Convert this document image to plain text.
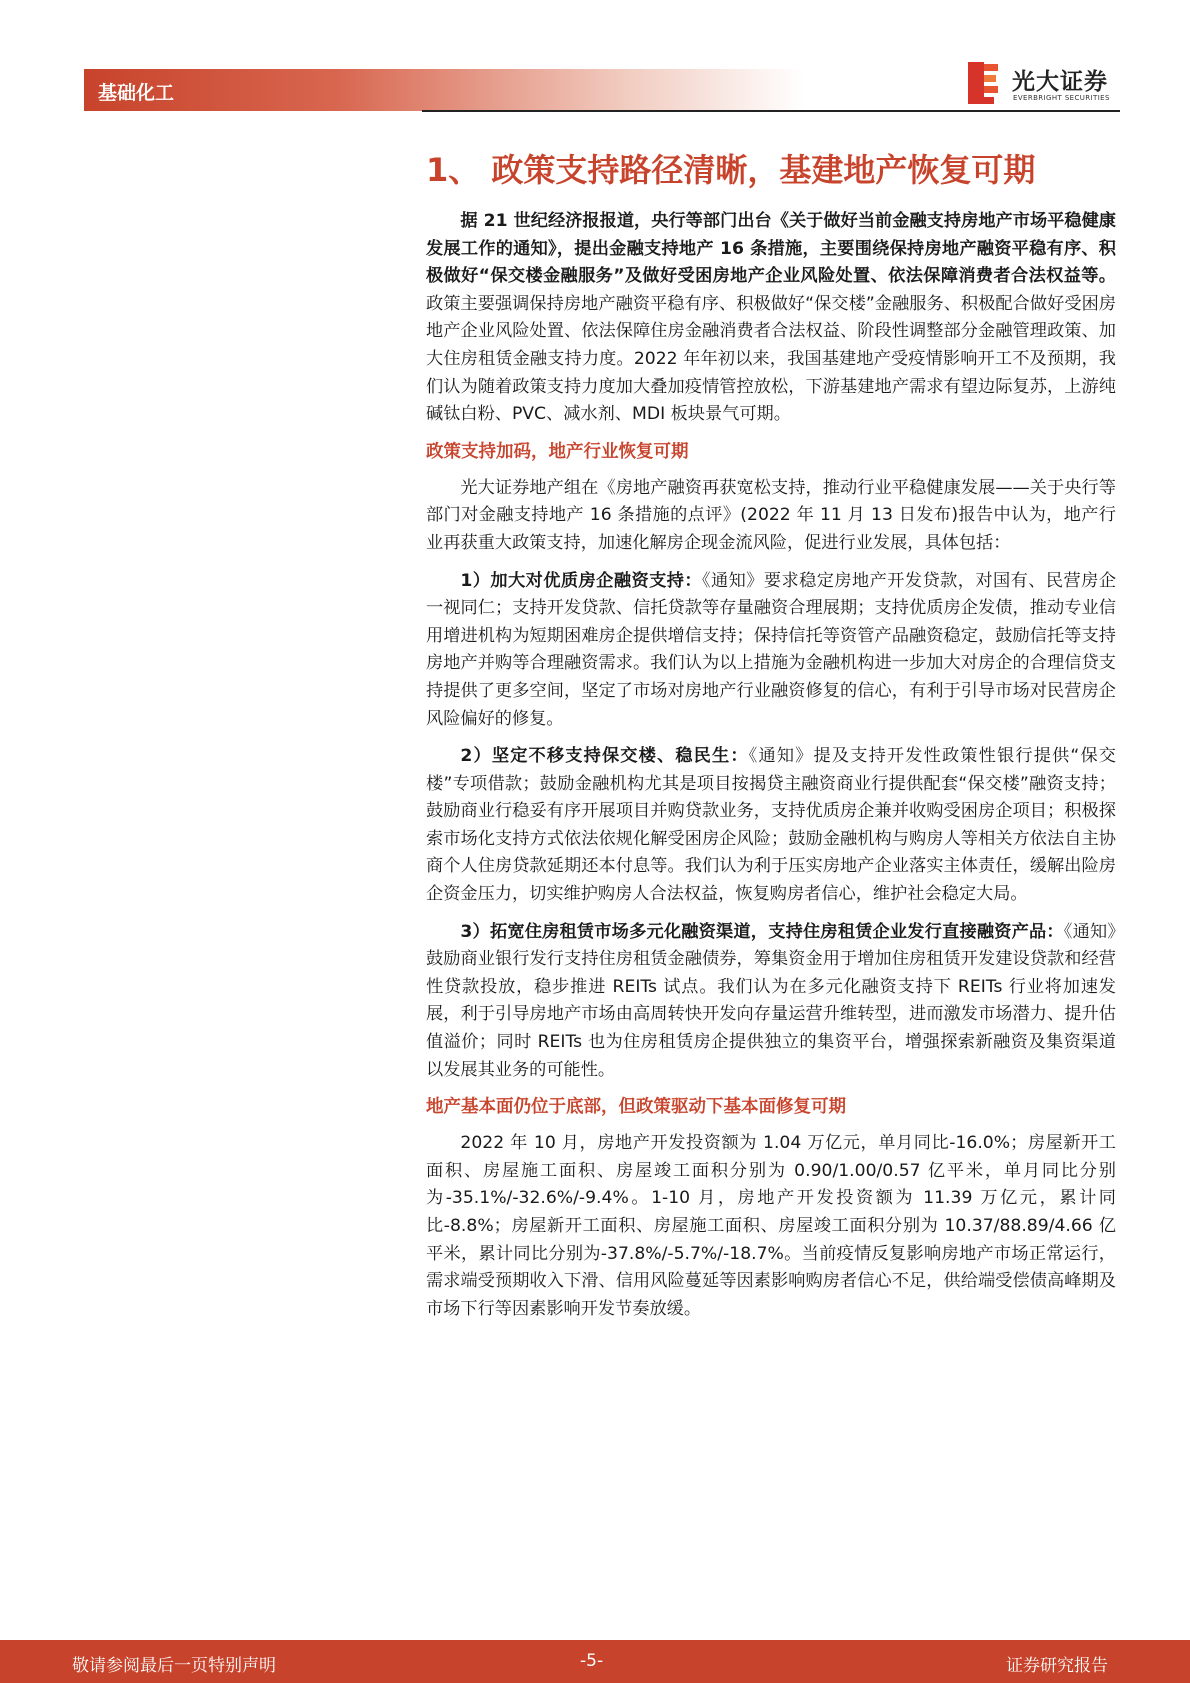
基础化工	光大证券
EVERBRIGHT SECURITIES
1、 政策支持路径清晰，基建地产恢复可期

据 21 世纪经济报报道，央行等部门出台《关于做好当前金融支持房地产市场平稳健康发展工作的通知》，提出金融支持地产 16 条措施，主要围绕保持房地产融资平稳有序、积极做好“保交楼金融服务”及做好受困房地产企业风险处置、依法保障消费者合法权益等。政策主要强调保持房地产融资平稳有序、积极做好“保交楼”金融服务、积极配合做好受困房地产企业风险处置、依法保障住房金融消费者合法权益、阶段性调整部分金融管理政策、加大住房租赁金融支持力度。2022 年年初以来，我国基建地产受疫情影响开工不及预期，我们认为随着政策支持力度加大叠加疫情管控放松，下游基建地产需求有望边际复苏，上游纯碱钛白粉、PVC、减水剂、MDI 板块景气可期。

政策支持加码，地产行业恢复可期

光大证券地产组在《房地产融资再获宽松支持，推动行业平稳健康发展——关于央行等部门对金融支持地产 16 条措施的点评》(2022 年 11 月 13 日发布)报告中认为，地产行业再获重大政策支持，加速化解房企现金流风险，促进行业发展，具体包括：

1）加大对优质房企融资支持：《通知》要求稳定房地产开发贷款，对国有、民营房企一视同仁；支持开发贷款、信托贷款等存量融资合理展期；支持优质房企发债，推动专业信用增进机构为短期困难房企提供增信支持；保持信托等资管产品融资稳定，鼓励信托等支持房地产并购等合理融资需求。我们认为以上措施为金融机构进一步加大对房企的合理信贷支持提供了更多空间，坚定了市场对房地产行业融资修复的信心，有利于引导市场对民营房企风险偏好的修复。

2）坚定不移支持保交楼、稳民生：《通知》提及支持开发性政策性银行提供“保交楼”专项借款；鼓励金融机构尤其是项目按揭贷主融资商业行提供配套“保交楼”融资支持；鼓励商业行稳妥有序开展项目并购贷款业务，支持优质房企兼并收购受困房企项目；积极探索市场化支持方式依法依规化解受困房企风险；鼓励金融机构与购房人等相关方依法自主协商个人住房贷款延期还本付息等。我们认为利于压实房地产企业落实主体责任，缓解出险房企资金压力，切实维护购房人合法权益，恢复购房者信心，维护社会稳定大局。

3）拓宽住房租赁市场多元化融资渠道，支持住房租赁企业发行直接融资产品：《通知》鼓励商业银行发行支持住房租赁金融债券，筹集资金用于增加住房租赁开发建设贷款和经营性贷款投放，稳步推进 REITs 试点。我们认为在多元化融资支持下 REITs 行业将加速发展，利于引导房地产市场由高周转快开发向存量运营升维转型，进而激发市场潜力、提升估值溢价；同时 REITs 也为住房租赁房企提供独立的集资平台，增强探索新融资及集资渠道以发展其业务的可能性。

地产基本面仍位于底部，但政策驱动下基本面修复可期

2022 年 10 月，房地产开发投资额为 1.04 万亿元，单月同比-16.0%；房屋新开工面积、房屋施工面积、房屋竣工面积分别为 0.90/1.00/0.57 亿平米，单月同比分别为-35.1%/-32.6%/-9.4%。1-10 月，房地产开发投资额为 11.39 万亿元，累计同比-8.8%；房屋新开工面积、房屋施工面积、房屋竣工面积分别为 10.37/88.89/4.66 亿平米，累计同比分别为-37.8%/-5.7%/-18.7%。当前疫情反复影响房地产市场正常运行，需求端受预期收入下滑、信用风险蔓延等因素影响购房者信心不足，供给端受偿债高峰期及市场下行等因素影响开发节奏放缓。

敬请参阅最后一页特别声明	-5-	证券研究报告
